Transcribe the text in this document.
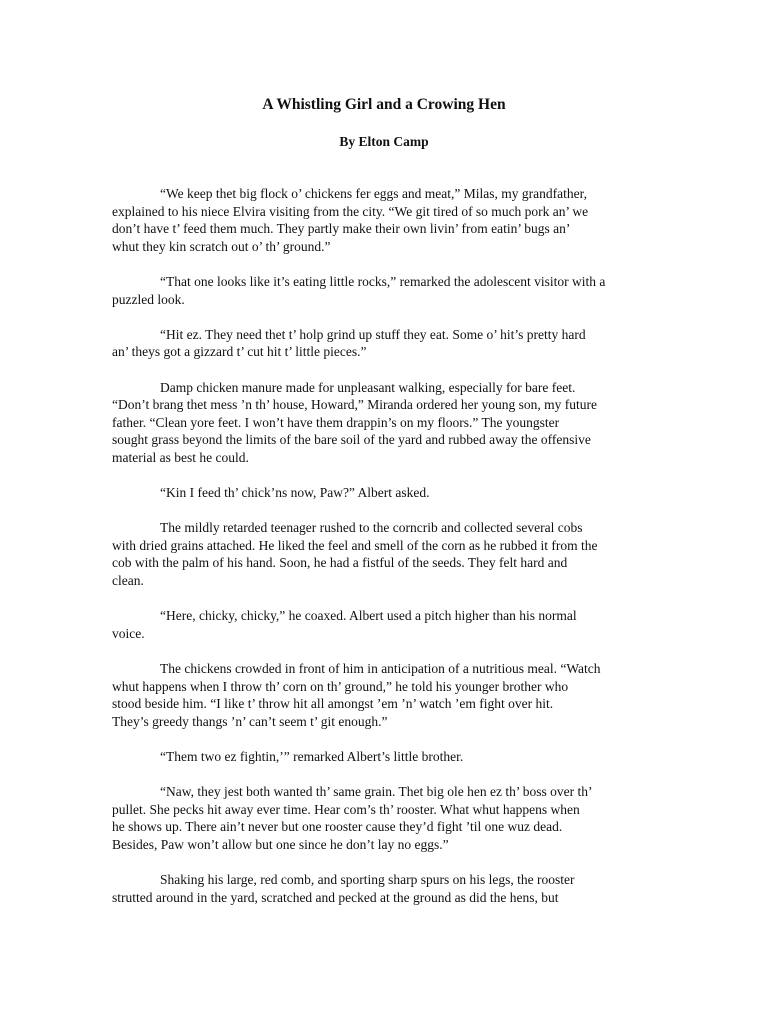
A Whistling Girl and a Crowing Hen
By Elton Camp

“We keep thet big flock o’ chickens fer eggs and meat,” Milas, my grandfather,
explained to his niece Elvira visiting from the city. “We git tired of so much pork an’ we
don’t have t’ feed them much. They partly make their own livin’ from eatin’ bugs an’
whut they kin scratch out o’ th’ ground.”

“That one looks like it’s eating little rocks,” remarked the adolescent visitor with a
puzzled look.

“Hit ez. They need thet t’ holp grind up stuff they eat. Some o’ hit’s pretty hard
an’ theys got a gizzard t’ cut hit t’ little pieces.”

Damp chicken manure made for unpleasant walking, especially for bare feet.
“Don’t brang thet mess ’n th’ house, Howard,” Miranda ordered her young son, my future
father. “Clean yore feet. I won’t have them drappin’s on my floors.” The youngster
sought grass beyond the limits of the bare soil of the yard and rubbed away the offensive
material as best he could.

“Kin I feed th’ chick’ns now, Paw?” Albert asked.

The mildly retarded teenager rushed to the corncrib and collected several cobs
with dried grains attached. He liked the feel and smell of the corn as he rubbed it from the
cob with the palm of his hand. Soon, he had a fistful of the seeds. They felt hard and
clean.

“Here, chicky, chicky,” he coaxed. Albert used a pitch higher than his normal
voice.

The chickens crowded in front of him in anticipation of a nutritious meal. “Watch
whut happens when I throw th’ corn on th’ ground,” he told his younger brother who
stood beside him. “I like t’ throw hit all amongst ’em ’n’ watch ’em fight over hit.
They’s greedy thangs ’n’ can’t seem t’ git enough.”

“Them two ez fightin,’” remarked Albert’s little brother.

“Naw, they jest both wanted th’ same grain. Thet big ole hen ez th’ boss over th’
pullet. She pecks hit away ever time. Hear com’s th’ rooster. What whut happens when
he shows up. There ain’t never but one rooster cause they’d fight ’til one wuz dead.
Besides, Paw won’t allow but one since he don’t lay no eggs.”

Shaking his large, red comb, and sporting sharp spurs on his legs, the rooster
strutted around in the yard, scratched and pecked at the ground as did the hens, but
